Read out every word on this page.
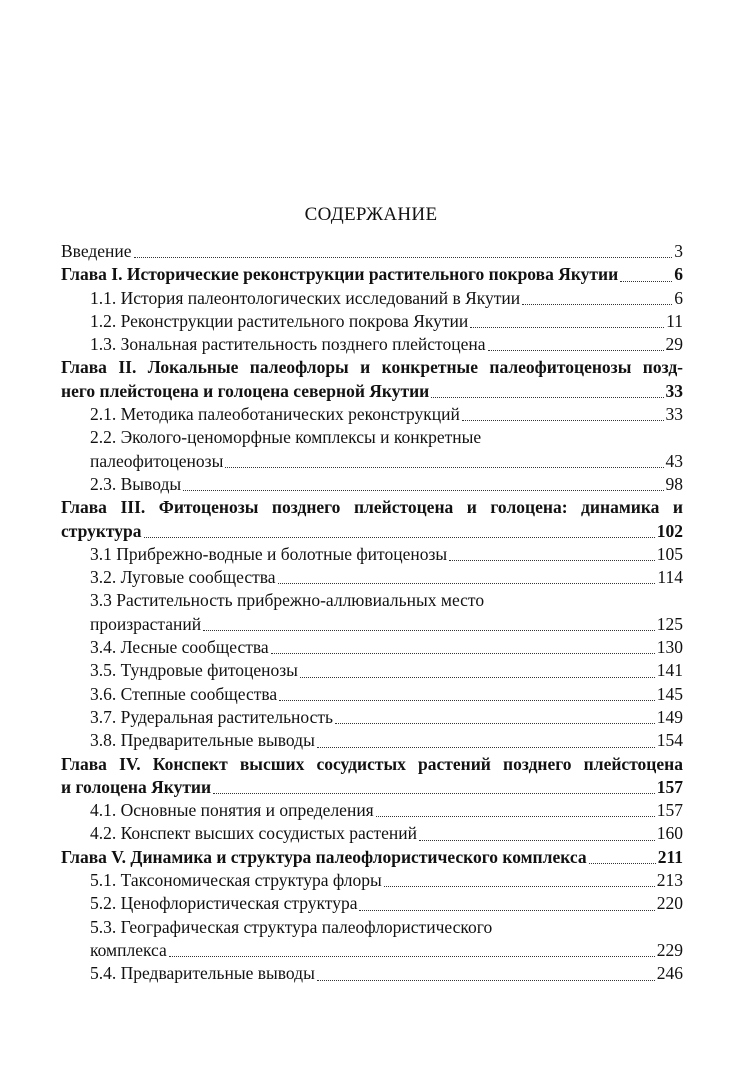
СОДЕРЖАНИЕ
Введение	3
Глава I. Исторические реконструкции растительного покрова Якутии	6
1.1. История палеонтологических исследований в Якутии	6
1.2. Реконструкции растительного покрова Якутии	11
1.3. Зональная растительность позднего плейстоцена	29

Глава II. Локальные палеофлоры и конкретные палеофитоценозы позд-

него плейстоцена и голоцена северной Якутии	33
2.1. Методика палеоботанических реконструкций	33

2.2. Эколого-ценоморфные комплексы и конкретные

палеофитоценозы	43
2.3. Выводы	98

Глава III. Фитоценозы позднего плейстоцена и голоцена: динамика и

структура	102
3.1 Прибрежно-водные и болотные фитоценозы	105
3.2. Луговые сообщества	114

3.3 Растительность прибрежно-аллювиальных место

произрастаний	125
3.4. Лесные сообщества	130
3.5. Тундровые фитоценозы	141
3.6. Степные сообщества	145
3.7. Рудеральная растительность	149
3.8. Предварительные выводы	154

Глава IV. Конспект высших сосудистых растений позднего плейстоцена

и голоцена Якутии	157
4.1. Основные понятия и определения	157
4.2. Конспект высших сосудистых растений	160
Глава V. Динамика и структура палеофлористического комплекса	211
5.1. Таксономическая структура флоры	213
5.2. Ценофлористическая структура	220

5.3. Географическая структура палеофлористического

комплекса	229
5.4. Предварительные выводы	246
